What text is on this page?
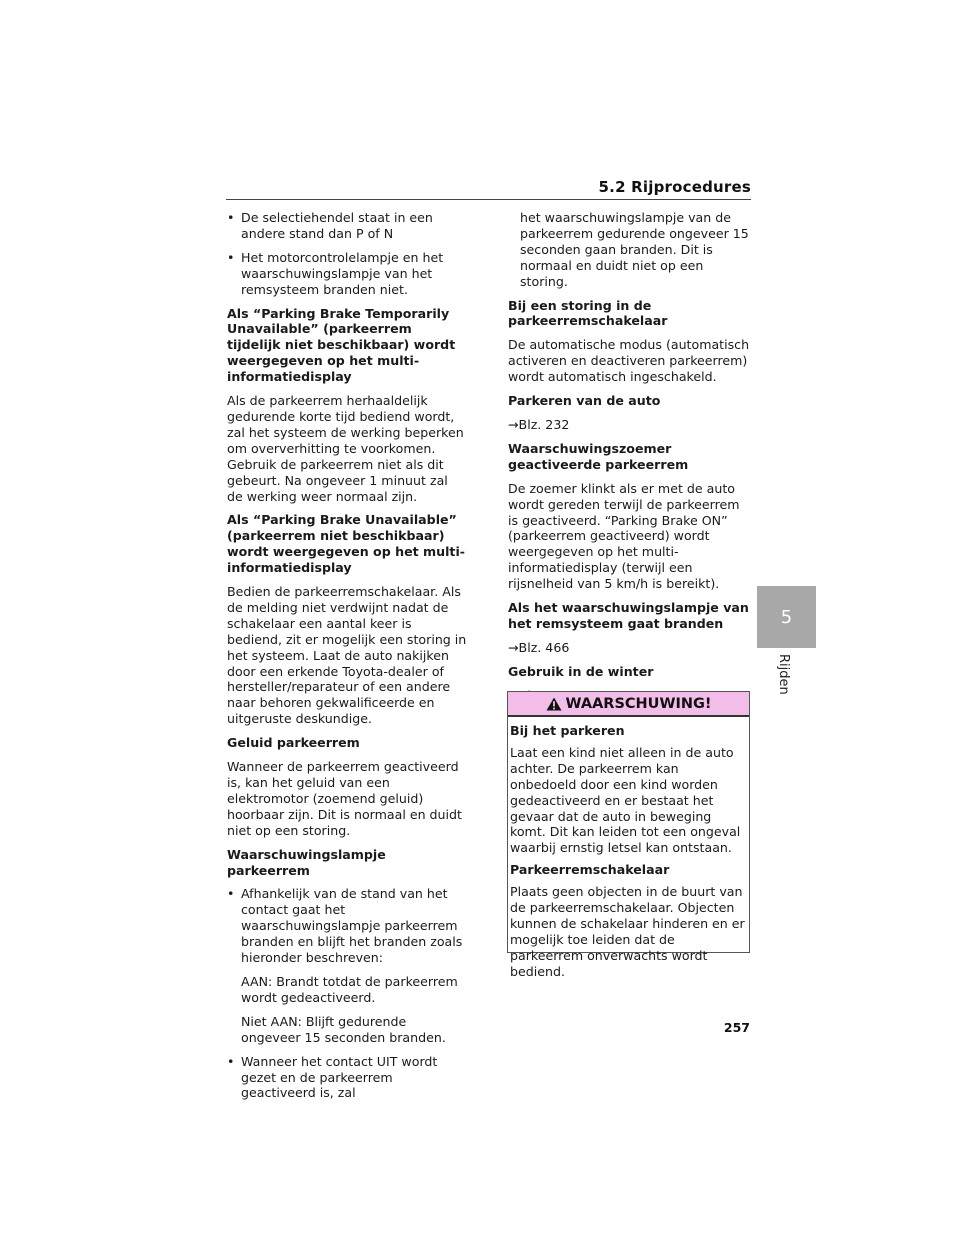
5.2 Rijprocedures
• De selectiehendel staat in een andere stand dan P of N
• Het motorcontrolelampje en het waarschuwingslampje van het remsysteem branden niet.
Als “Parking Brake Temporarily Unavailable” (parkeerrem tijdelijk niet beschikbaar) wordt weergegeven op het multi-informatiedisplay
Als de parkeerrem herhaaldelijk gedurende korte tijd bediend wordt, zal het systeem de werking beperken om oververhitting te voorkomen. Gebruik de parkeerrem niet als dit gebeurt. Na ongeveer 1 minuut zal de werking weer normaal zijn.
Als “Parking Brake Unavailable” (parkeerrem niet beschikbaar) wordt weergegeven op het multi-informatiedisplay
Bedien de parkeerremschakelaar. Als de melding niet verdwijnt nadat de schakelaar een aantal keer is bediend, zit er mogelijk een storing in het systeem. Laat de auto nakijken door een erkende Toyota-dealer of hersteller/reparateur of een andere naar behoren gekwalificeerde en uitgeruste deskundige.
Geluid parkeerrem
Wanneer de parkeerrem geactiveerd is, kan het geluid van een elektromotor (zoemend geluid) hoorbaar zijn. Dit is normaal en duidt niet op een storing.
Waarschuwingslampje parkeerrem
• Afhankelijk van de stand van het contact gaat het waarschuwingslampje parkeerrem branden en blijft het branden zoals hieronder beschreven:
AAN: Brandt totdat de parkeerrem wordt gedeactiveerd.
Niet AAN: Blijft gedurende ongeveer 15 seconden branden.
• Wanneer het contact UIT wordt gezet en de parkeerrem geactiveerd is, zal
het waarschuwingslampje van de parkeerrem gedurende ongeveer 15 seconden gaan branden. Dit is normaal en duidt niet op een storing.
Bij een storing in de parkeerremschakelaar
De automatische modus (automatisch activeren en deactiveren parkeerrem) wordt automatisch ingeschakeld.
Parkeren van de auto
→Blz. 232
Waarschuwingszoemer geactiveerde parkeerrem
De zoemer klinkt als er met de auto wordt gereden terwijl de parkeerrem is geactiveerd. “Parking Brake ON” (parkeerrem geactiveerd) wordt weergegeven op het multi-informatiedisplay (terwijl een rijsnelheid van 5 km/h is bereikt).
Als het waarschuwingslampje van het remsysteem gaat branden
→Blz. 466
Gebruik in de winter
WAARSCHUWING!
Bij het parkeren
Laat een kind niet alleen in de auto achter. De parkeerrem kan onbedoeld door een kind worden gedeactiveerd en er bestaat het gevaar dat de auto in beweging komt. Dit kan leiden tot een ongeval waarbij ernstig letsel kan ontstaan.
Parkeerremschakelaar
Plaats geen objecten in de buurt van de parkeerremschakelaar. Objecten kunnen de schakelaar hinderen en er mogelijk toe leiden dat de parkeerrem onverwachts wordt bediend.
5
Rijden
257
